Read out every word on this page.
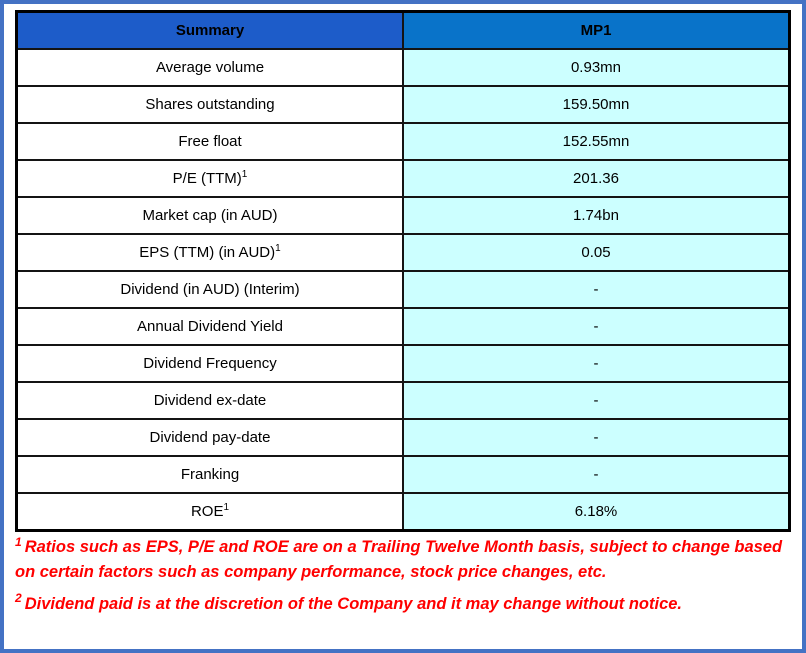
Summary	MP1
Average volume	0.93mn
Shares outstanding	159.50mn
Free float	152.55mn
P/E (TTM)$^1$	201.36
Market cap (in AUD)	1.74bn
EPS (TTM) (in AUD)$^1$	0.05
Dividend (in AUD) (Interim)	-
Annual Dividend Yield	-
Dividend Frequency	-
Dividend ex-date	-
Dividend pay-date	-
Franking	-
ROE$^1$	6.18%

$^1$ Ratios such as EPS, P/E and ROE are on a Trailing Twelve Month basis, subject to change based on certain factors such as company performance, stock price changes, etc.

$^2$ Dividend paid is at the discretion of the Company and it may change without notice.
